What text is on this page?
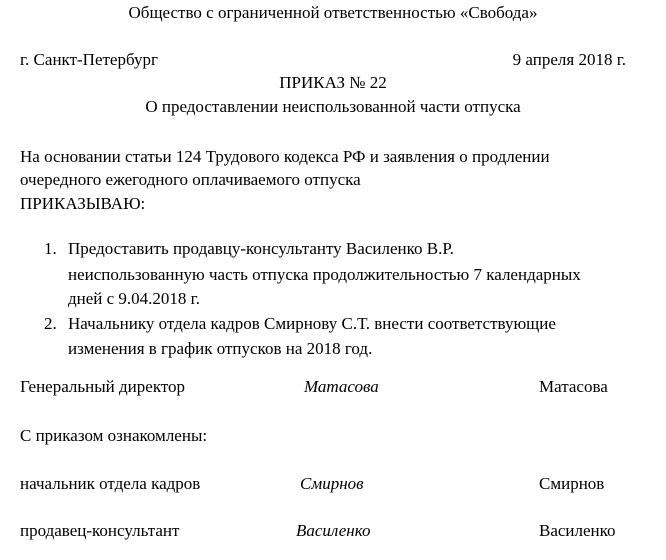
Общество с ограниченной ответственностью «Свобода»
г. Санкт-Петербург	9 апреля 2018 г.
ПРИКАЗ № 22
О предоставлении неиспользованной части отпуска
На основании статьи 124 Трудового кодекса РФ и заявления о продлении
очередного ежегодного оплачиваемого отпуска
ПРИКАЗЫВАЮ:
1. Предоставить продавцу-консультанту Василенко В.Р.
неиспользованную часть отпуска продолжительностью 7 календарных
дней с 9.04.2018 г.
2. Начальнику отдела кадров Смирнову С.Т. внести соответствующие
изменения в график отпусков на 2018 год.
Генеральный директор	Матасова	Матасова
С приказом ознакомлены:
начальник отдела кадров	Смирнов	Смирнов
продавец-консультант	Василенко	Василенко
